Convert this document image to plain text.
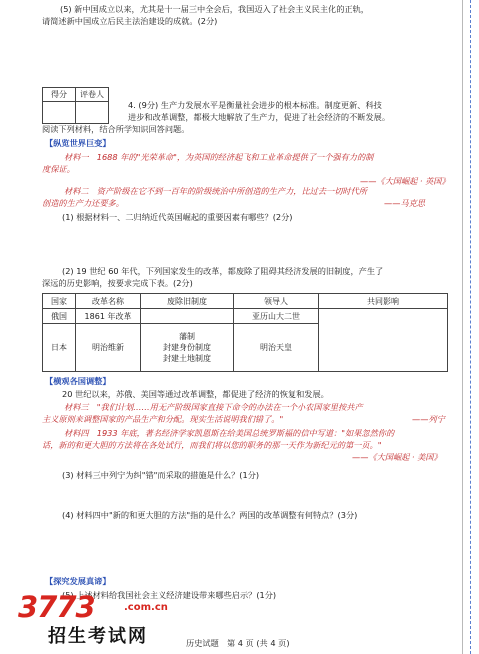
(5) 新中国成立以来，尤其是十一届三中全会后，我国迈入了社会主义民主化的正轨，
请简述新中国成立后民主法治建设的成就。(2分)
得分	评卷人

4. (9分) 生产力发展水平是衡量社会进步的根本标准。制度更新、科技
进步和改革调整，都极大地解放了生产力，促进了社会经济的不断发展。
阅读下列材料，结合所学知识回答问题。
【纵览世界巨变】
材料一　1688 年的"光荣革命"，为英国的经济起飞和工业革命提供了一个强有力的制
度保证。
——《大国崛起 · 英国》
材料二　资产阶级在它不到一百年的阶级统治中所创造的生产力，比过去一切时代所
创造的生产力还要多。	——马克思
(1) 根据材料一、二归纳近代英国崛起的重要因素有哪些？(2分)
(2) 19 世纪 60 年代，下列国家发生的改革，都废除了阻碍其经济发展的旧制度，产生了
深远的历史影响，按要求完成下表。(2分)
国家	改革名称	废除旧制度	领导人	共同影响
俄国	1861 年改革		亚历山大二世	
日本	明治维新	藩制
封建身份制度
封建土地制度	明治天皇	
【横观各国调整】
20 世纪以来，苏俄、美国等通过改革调整，都促进了经济的恢复和发展。
材料三　"我们计划……用无产阶级国家直接下命令的办法在一个小农国家里按共产
主义原则来调整国家的产品生产和分配。现实生活说明我们错了。"	——列宁
材料四　1933 年底，著名经济学家凯恩斯在给美国总统罗斯福的信中写道："如果忽然你的
话，新的和更大胆的方法将在各处试行，而我们将以您的职务的那一天作为新纪元的第一页。"
——《大国崛起 · 美国》
(3) 材料三中列宁为纠"错"而采取的措施是什么？(1分)
(4) 材料四中"新的和更大胆的方法"指的是什么？两国的改革调整有何特点？(3分)
【探究发展真谛】
(5) 上述材料给我国社会主义经济建设带来哪些启示？(1分)
3773	.com.cn
招生考试网	历史试题　第 4 页 (共 4 页)
